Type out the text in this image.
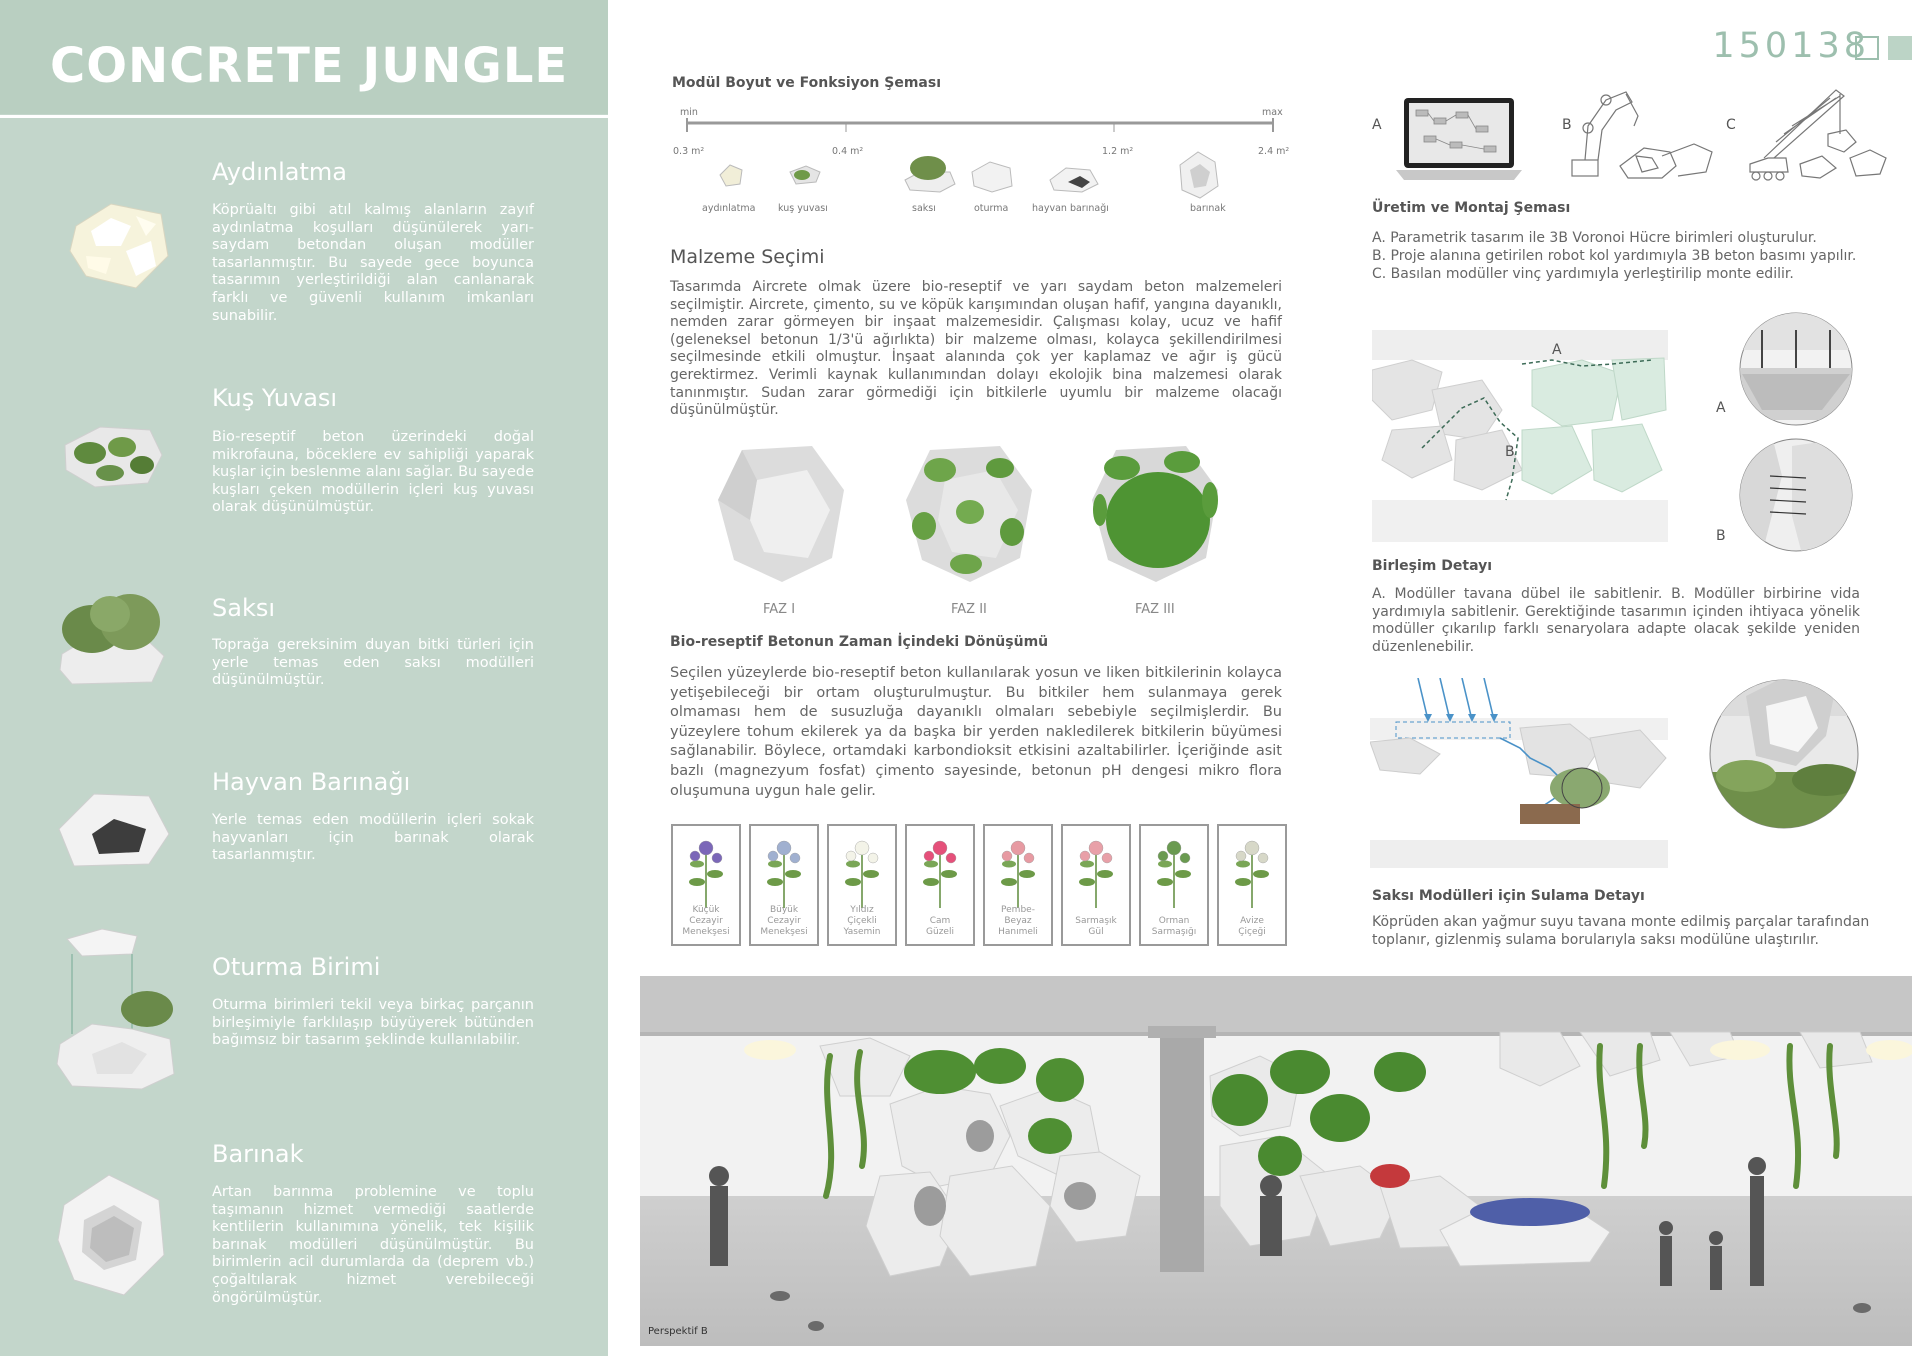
CONCRETE JUNGLE
Aydınlatma
Köprüaltı gibi atıl kalmış alanların zayıf aydınlatma koşulları düşünülerek yarı-saydam betondan oluşan modüller tasarlanmıştır. Bu sayede gece boyunca tasarımın yerleştirildiği alan canlanarak farklı ve güvenli kullanım imkanları sunabilir.
Kuş Yuvası
Bio-reseptif beton üzerindeki doğal mikrofauna, böceklere ev sahipliği yaparak kuşlar için beslenme alanı sağlar. Bu sayede kuşları çeken modüllerin içleri kuş yuvası olarak düşünülmüştür.
Saksı
Toprağa gereksinim duyan bitki türleri için yerle temas eden saksı modülleri düşünülmüştür.
Hayvan Barınağı
Yerle temas eden modüllerin içleri sokak hayvanları için barınak olarak tasarlanmıştır.
Oturma Birimi
Oturma birimleri tekil veya birkaç parçanın birleşimiyle farklılaşıp büyüyerek bütünden bağımsız bir tasarım şeklinde kullanılabilir.
Barınak
Artan barınma problemine ve toplu taşımanın hizmet vermediği saatlerde kentlilerin kullanımına yönelik, tek kişilik barınak modülleri düşünülmüştür. Bu birimlerin acil durumlarda da (deprem vb.) çoğaltılarak hizmet verebileceği öngörülmüştür.
150138
Modül Boyut ve Fonksiyon Şeması
min	max
0.3 m²	0.4 m²	1.2 m²	2.4 m²
aydınlatma kuş yuvası	saksı	oturma hayvan barınağı	barınak
Malzeme Seçimi
Tasarımda Aircrete olmak üzere bio-reseptif ve yarı saydam beton malzemeleri seçilmiştir. Aircrete, çimento, su ve köpük karışımından oluşan hafif, yangına dayanıklı, nemden zarar görmeyen bir inşaat malzemesidir. Çalışması kolay, ucuz ve hafif (geleneksel betonun 1/3'ü ağırlıkta) bir malzeme olması, kolayca şekillendirilmesi seçilmesinde etkili olmuştur. İnşaat alanında çok yer kaplamaz ve ağır iş gücü gerektirmez. Verimli kaynak kullanımından dolayı ekolojik bina malzemesi olarak tanınmıştır. Sudan zarar görmediği için bitkilerle uyumlu bir malzeme olacağı düşünülmüştür.
FAZ I	FAZ II	FAZ III
Bio-reseptif Betonun Zaman İçindeki Dönüşümü
Seçilen yüzeylerde bio-reseptif beton kullanılarak yosun ve liken bitkilerinin kolayca yetişebileceği bir ortam oluşturulmuştur. Bu bitkiler hem sulanmaya gerek olmaması hem de susuzluğa dayanıklı olmaları sebebiyle seçilmişlerdir. Bu yüzeylere tohum ekilerek ya da başka bir yerden nakledilerek bitkilerin büyümesi sağlanabilir. Böylece, ortamdaki karbondioksit etkisini azaltabilirler. İçeriğinde asit bazlı (magnezyum fosfat) çimento sayesinde, betonun pH dengesi mikro flora oluşumuna uygun hale gelir.
Küçük
Cezayir
Menekşesi
Büyük
Cezayir
Menekşesi
Yıldız
Çiçekli
Yasemin
Cam
Güzeli
Pembe-
Beyaz
Hanımeli
Sarmaşık
Gül
Orman
Sarmaşığı
Avize
Çiçeği
A	B	C
Üretim ve Montaj Şeması
A. Parametrik tasarım ile 3B Voronoi Hücre birimleri oluşturulur.
B. Proje alanına getirilen robot kol yardımıyla 3B beton basımı yapılır.
C. Basılan modüller vinç yardımıyla yerleştirilip monte edilir.
A
B
A
B
Birleşim Detayı
A. Modüller tavana dübel ile sabitlenir. B. Modüller birbirine vida yardımıyla sabitlenir. Gerektiğinde tasarımın içinden ihtiyaca yönelik modüller çıkarılıp farklı senaryolara adapte olacak şekilde yeniden düzenlenebilir.
Saksı Modülleri için Sulama Detayı
Köprüden akan yağmur suyu tavana monte edilmiş parçalar tarafından toplanır, gizlenmiş sulama borularıyla saksı modülüne ulaştırılır.
Perspektif B
